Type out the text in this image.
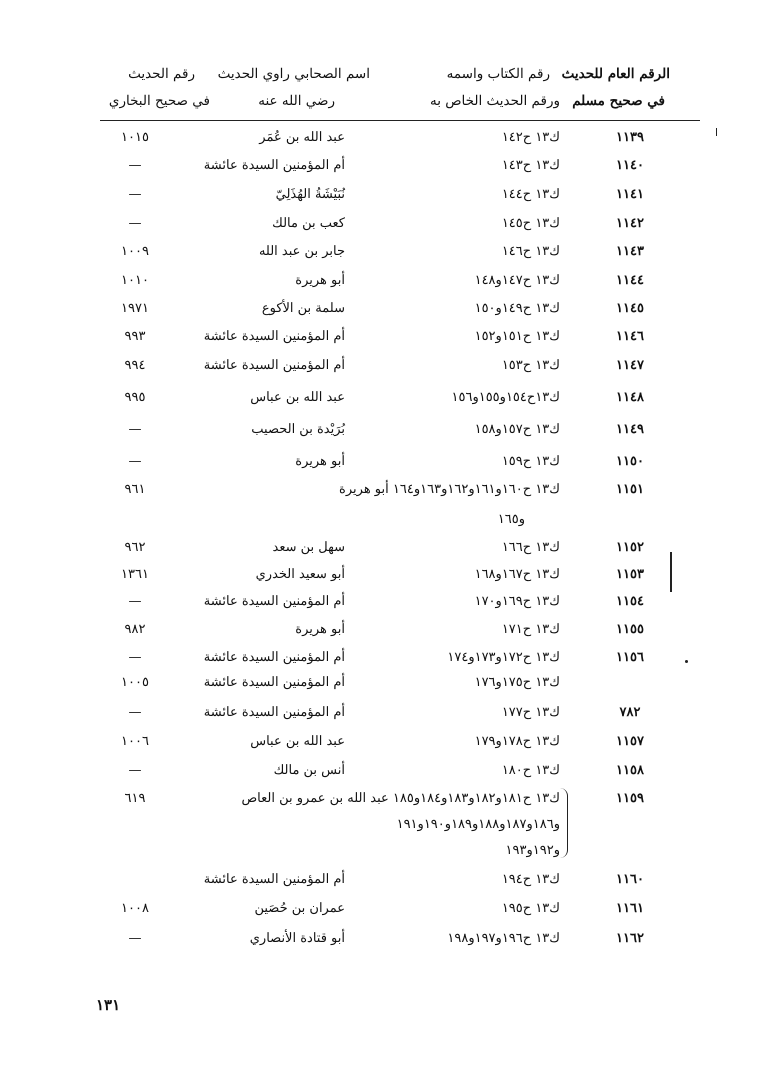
الرقم العام للحديث
في صحيح مسلم
رقم الكتاب واسمه
ورقم الحديث الخاص به
اسم الصحابي راوي الحديث
رضي الله عنه
رقم الحديث
في صحيح البخاري
١١٣٩
ك١٣ ح١٤٢
عبد الله بن عُمَر
١٠١٥
١١٤٠
ك١٣ ح١٤٣
أم المؤمنين السيدة عائشة
—
١١٤١
ك١٣ ح١٤٤
نُبَيْشَةُ الهُذَلِيّ
—
١١٤٢
ك١٣ ح١٤٥
كعب بن مالك
—
١١٤٣
ك١٣ ح١٤٦
جابر بن عبد الله
١٠٠٩
١١٤٤
ك١٣ ح١٤٧و١٤٨
أبو هريرة
١٠١٠
١١٤٥
ك١٣ ح١٤٩و١٥٠
سلمة بن الأكوع
١٩٧١
١١٤٦
ك١٣ ح١٥١و١٥٢
أم المؤمنين السيدة عائشة
٩٩٣
١١٤٧
ك١٣ ح١٥٣
أم المؤمنين السيدة عائشة
٩٩٤
١١٤٨
ك١٣ح١٥٤و١٥٥و١٥٦
عبد الله بن عباس
٩٩٥
١١٤٩
ك١٣ ح١٥٧و١٥٨
بُرَيْدة بن الحصيب
—
١١٥٠
ك١٣ ح١٥٩
أبو هريرة
—
١١٥١
ك١٣ ح١٦٠و١٦١و١٦٢و١٦٣و١٦٤ أبو هريرة
٩٦١
و١٦٥
١١٥٢
ك١٣ ح١٦٦
سهل بن سعد
٩٦٢
١١٥٣
ك١٣ ح١٦٧و١٦٨
أبو سعيد الخدري
١٣٦١
١١٥٤
ك١٣ ح١٦٩و١٧٠
أم المؤمنين السيدة عائشة
—
١١٥٥
ك١٣ ح١٧١
أبو هريرة
٩٨٢
١١٥٦
ك١٣ ح١٧٢و١٧٣و١٧٤
أم المؤمنين السيدة عائشة
—
ك١٣ ح١٧٥و١٧٦
أم المؤمنين السيدة عائشة
١٠٠٥
٧٨٢
ك١٣ ح١٧٧
أم المؤمنين السيدة عائشة
—
١١٥٧
ك١٣ ح١٧٨و١٧٩
عبد الله بن عباس
١٠٠٦
١١٥٨
ك١٣ ح١٨٠
أنس بن مالك
—
١١٥٩
ك١٣ ح١٨١و١٨٢و١٨٣و١٨٤و١٨٥ عبد الله بن عمرو بن العاص
٦١٩
و١٨٦و١٨٧و١٨٨و١٨٩و١٩٠و١٩١
و١٩٢و١٩٣
١١٦٠
ك١٣ ح١٩٤
أم المؤمنين السيدة عائشة
١١٦١
ك١٣ ح١٩٥
عمران بن حُصَين
١٠٠٨
١١٦٢
ك١٣ ح١٩٦و١٩٧و١٩٨
أبو قتادة الأنصاري
—
١٣١
